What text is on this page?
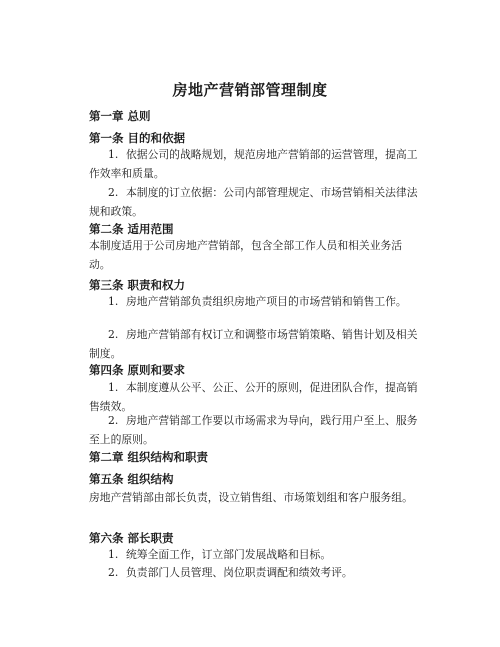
房地产营销部管理制度
第一章 总则
第一条 目的和依据
1. 依据公司的战略规划，规范房地产营销部的运营管理，提高工作效率和质量。
2. 本制度的订立依据：公司内部管理规定、市场营销相关法律法规和政策。
第二条 适用范围
本制度适用于公司房地产营销部，包含全部工作人员和相关业务活动。
第三条 职责和权力
1. 房地产营销部负责组织房地产项目的市场营销和销售工作。
2. 房地产营销部有权订立和调整市场营销策略、销售计划及相关制度。
第四条 原则和要求
1. 本制度遵从公平、公正、公开的原则，促进团队合作，提高销售绩效。
2. 房地产营销部工作要以市场需求为导向，践行用户至上、服务至上的原则。
第二章 组织结构和职责
第五条 组织结构
房地产营销部由部长负责，设立销售组、市场策划组和客户服务组。
第六条 部长职责
1. 统筹全面工作，订立部门发展战略和目标。
2. 负责部门人员管理、岗位职责调配和绩效考评。
